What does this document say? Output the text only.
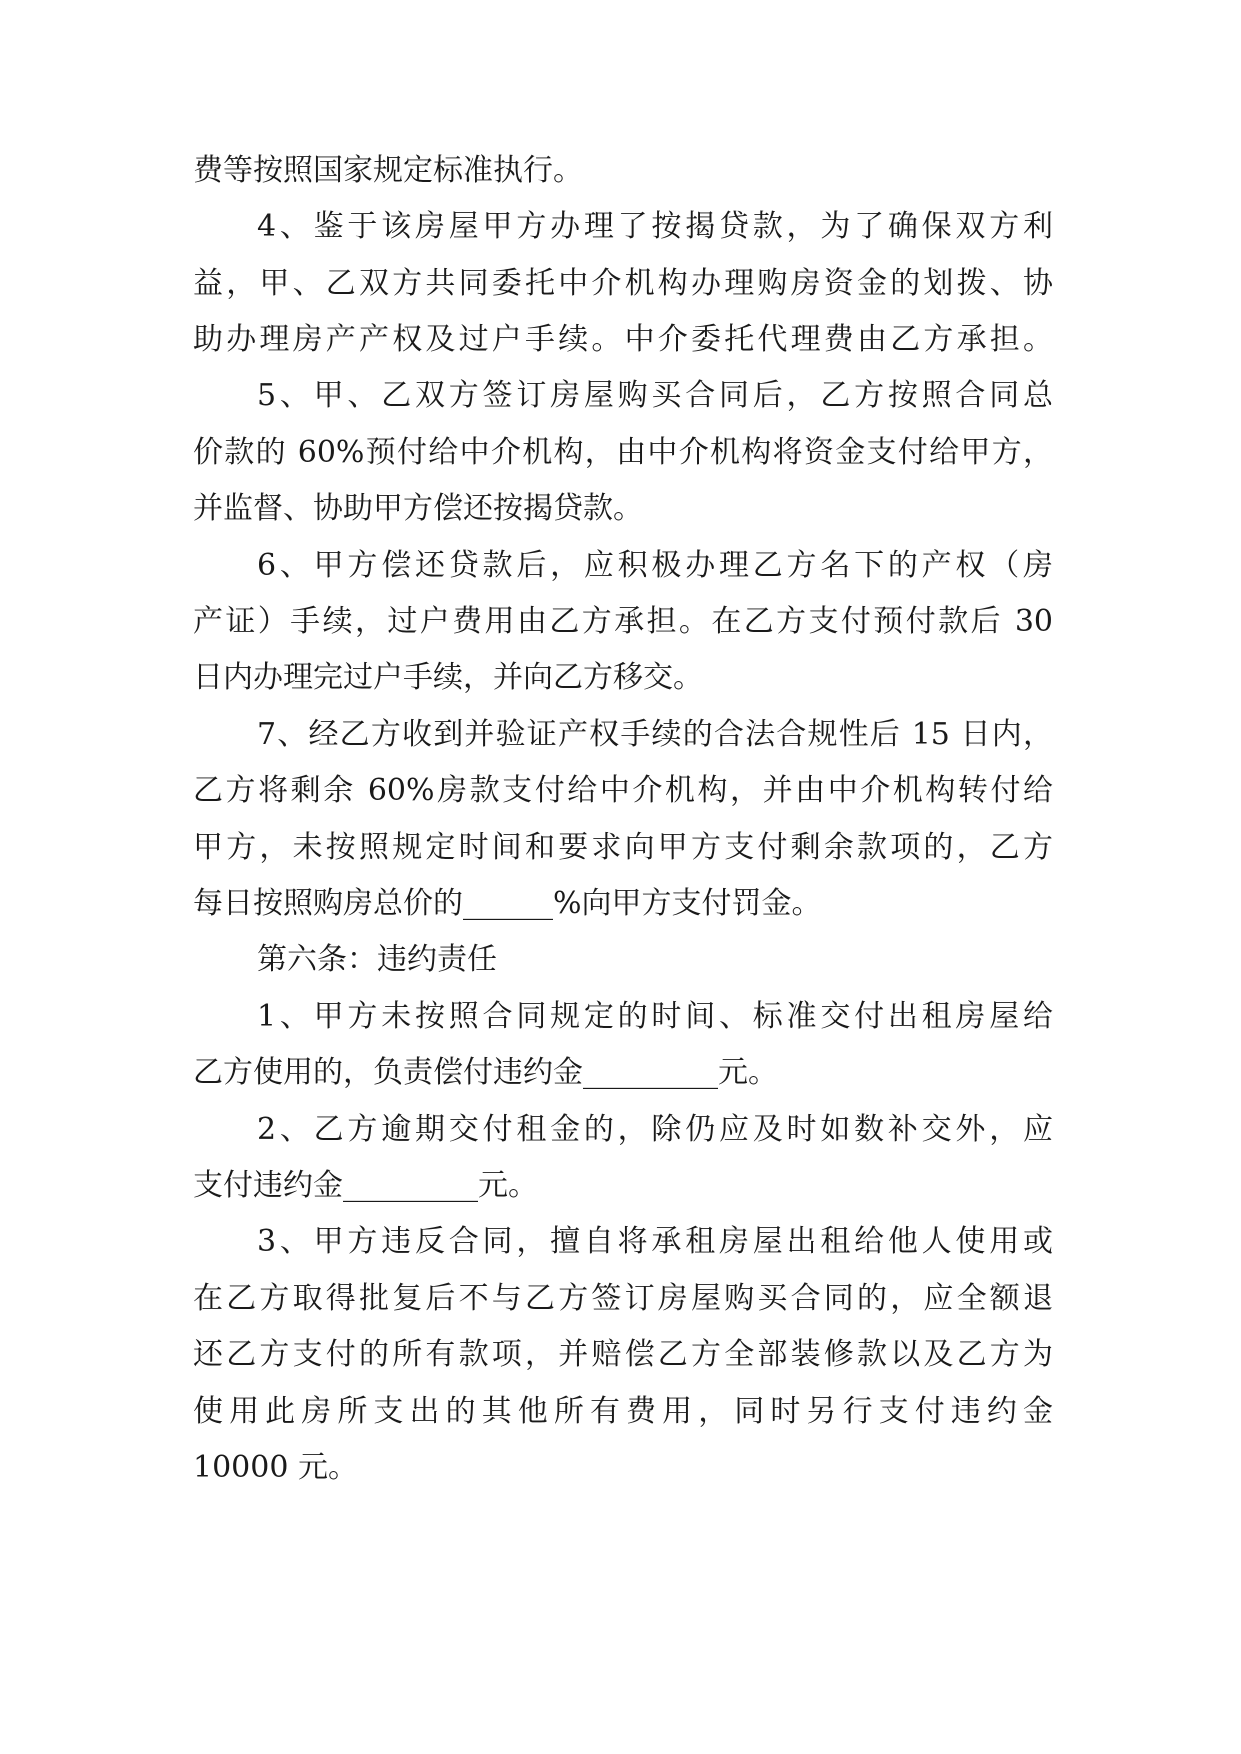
费等按照国家规定标准执行。
4、鉴于该房屋甲方办理了按揭贷款，为了确保双方利
益，甲、乙双方共同委托中介机构办理购房资金的划拨、协
助办理房产产权及过户手续。中介委托代理费由乙方承担。
5、甲、乙双方签订房屋购买合同后，乙方按照合同总
价款的 60%预付给中介机构，由中介机构将资金支付给甲方，
并监督、协助甲方偿还按揭贷款。
6、甲方偿还贷款后，应积极办理乙方名下的产权（房
产证）手续，过户费用由乙方承担。在乙方支付预付款后 30
日内办理完过户手续，并向乙方移交。
7、经乙方收到并验证产权手续的合法合规性后 15 日内，
乙方将剩余 60%房款支付给中介机构，并由中介机构转付给
甲方，未按照规定时间和要求向甲方支付剩余款项的，乙方
每日按照购房总价的______%向甲方支付罚金。
第六条：违约责任
1、甲方未按照合同规定的时间、标准交付出租房屋给
乙方使用的，负责偿付违约金_________元。
2、乙方逾期交付租金的，除仍应及时如数补交外，应
支付违约金_________元。
3、甲方违反合同，擅自将承租房屋出租给他人使用或
在乙方取得批复后不与乙方签订房屋购买合同的，应全额退
还乙方支付的所有款项，并赔偿乙方全部装修款以及乙方为
使用此房所支出的其他所有费用，同时另行支付违约金
10000 元。
